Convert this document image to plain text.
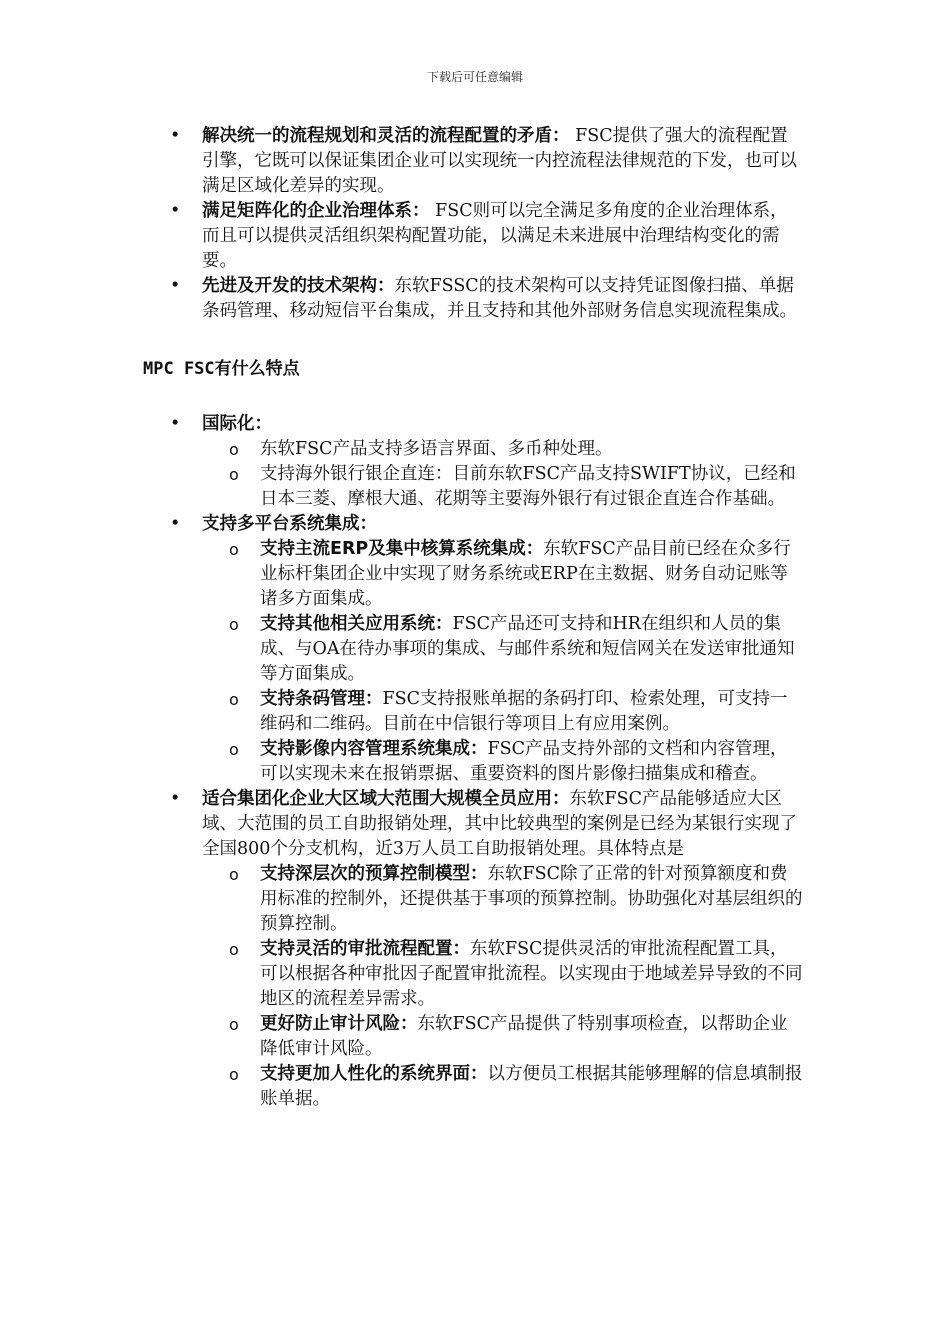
下载后可任意编辑
• 解决统一的流程规划和灵活的流程配置的矛盾： FSC提供了强大的流程配置引擎，它既可以保证集团企业可以实现统一内控流程法律规范的下发，也可以满足区域化差异的实现。
• 满足矩阵化的企业治理体系： FSC则可以完全满足多角度的企业治理体系，而且可以提供灵活组织架构配置功能，以满足未来进展中治理结构变化的需要。
• 先进及开发的技术架构：东软FSSC的技术架构可以支持凭证图像扫描、单据条码管理、移动短信平台集成，并且支持和其他外部财务信息实现流程集成。
MPC FSC有什么特点
• 国际化：
o 东软FSC产品支持多语言界面、多币种处理。
o 支持海外银行银企直连：目前东软FSC产品支持SWIFT协议，已经和日本三菱、摩根大通、花期等主要海外银行有过银企直连合作基础。
• 支持多平台系统集成：
o 支持主流ERP及集中核算系统集成：东软FSC产品目前已经在众多行业标杆集团企业中实现了财务系统或ERP在主数据、财务自动记账等诸多方面集成。
o 支持其他相关应用系统：FSC产品还可支持和HR在组织和人员的集成、与OA在待办事项的集成、与邮件系统和短信网关在发送审批通知等方面集成。
o 支持条码管理：FSC支持报账单据的条码打印、检索处理，可支持一维码和二维码。目前在中信银行等项目上有应用案例。
o 支持影像内容管理系统集成：FSC产品支持外部的文档和内容管理，可以实现未来在报销票据、重要资料的图片影像扫描集成和稽查。
• 适合集团化企业大区域大范围大规模全员应用：东软FSC产品能够适应大区域、大范围的员工自助报销处理，其中比较典型的案例是已经为某银行实现了全国800个分支机构，近3万人员工自助报销处理。具体特点是
o 支持深层次的预算控制模型：东软FSC除了正常的针对预算额度和费用标准的控制外，还提供基于事项的预算控制。协助强化对基层组织的预算控制。
o 支持灵活的审批流程配置：东软FSC提供灵活的审批流程配置工具，可以根据各种审批因子配置审批流程。以实现由于地域差异导致的不同地区的流程差异需求。
o 更好防止审计风险：东软FSC产品提供了特别事项检查，以帮助企业降低审计风险。
o 支持更加人性化的系统界面：以方便员工根据其能够理解的信息填制报账单据。
